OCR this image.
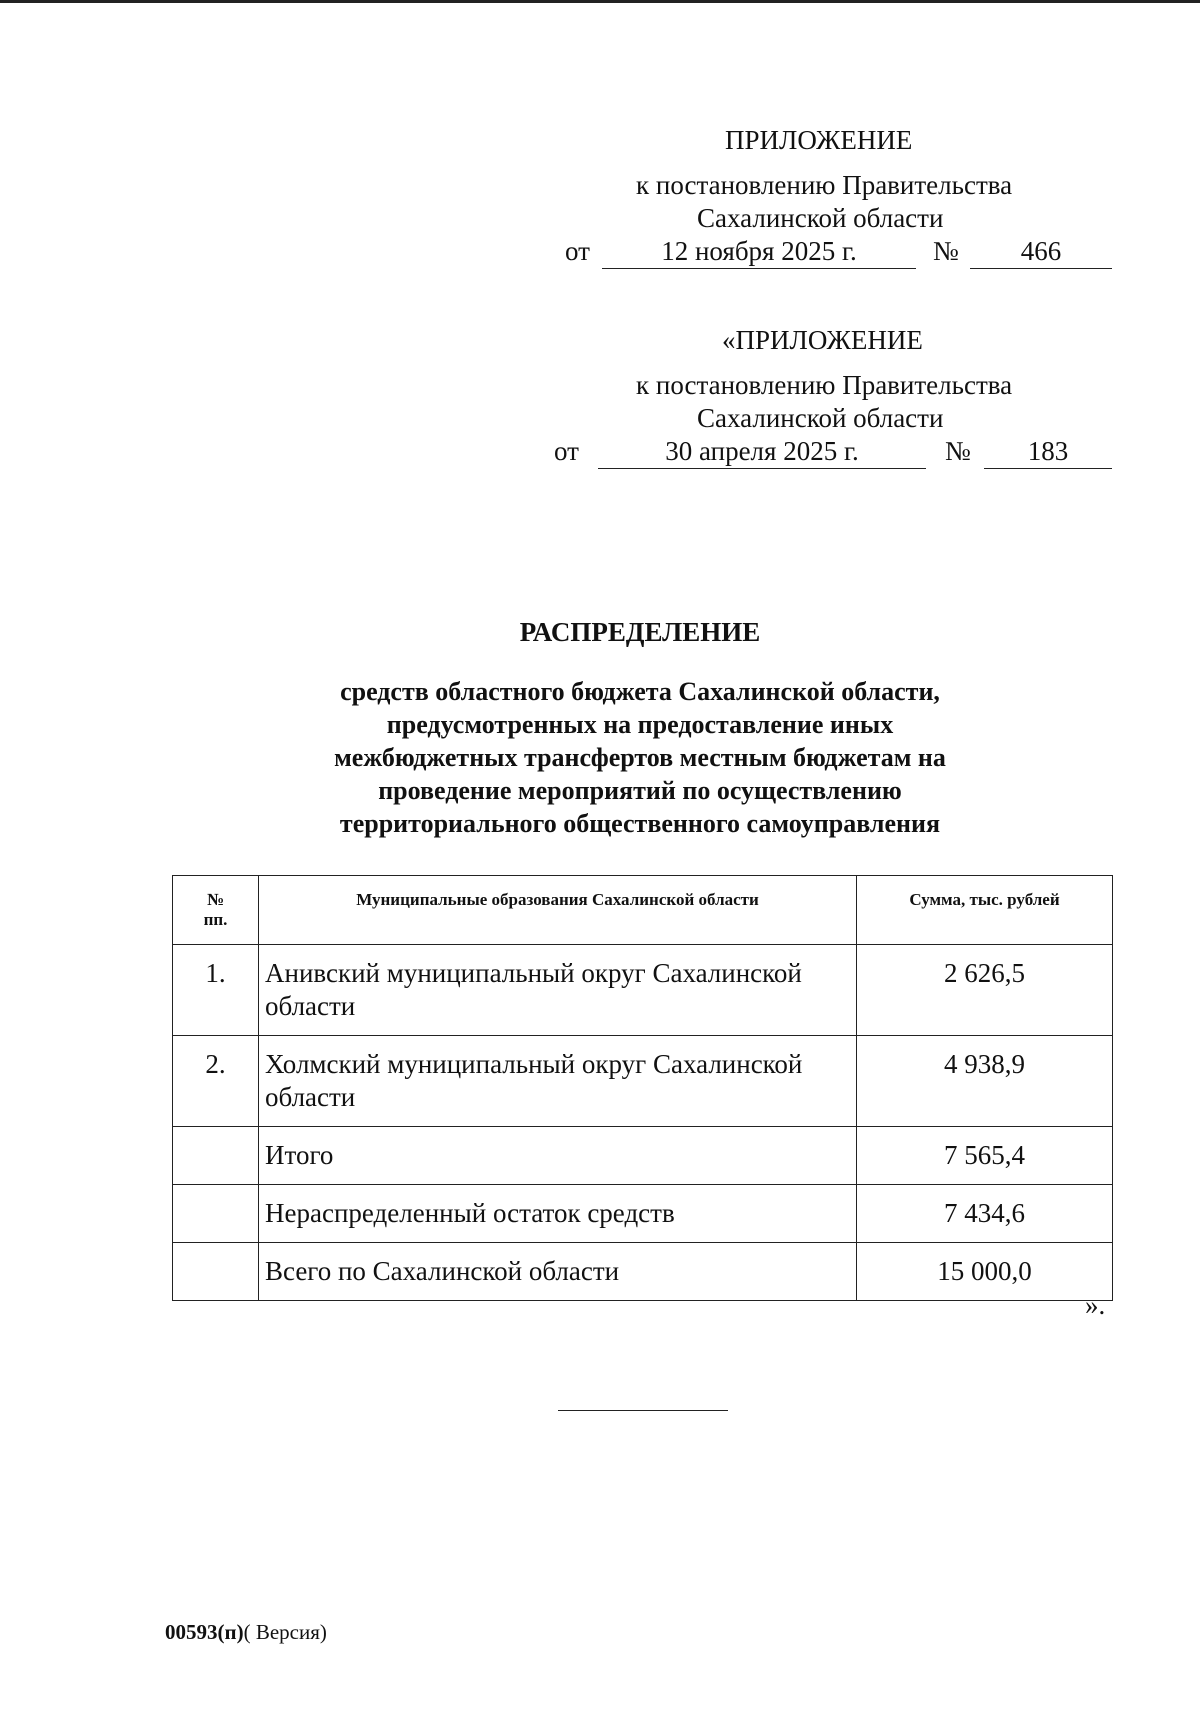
ПРИЛОЖЕНИЕ
к постановлению Правительства
Сахалинской области
от	12 ноября 2025 г.	№	466
«ПРИЛОЖЕНИЕ
к постановлению Правительства
Сахалинской области
от	30 апреля 2025 г.	№	183
РАСПРЕДЕЛЕНИЕ
средств областного бюджета Сахалинской области,
предусмотренных на предоставление иных
межбюджетных трансфертов местным бюджетам на
проведение мероприятий по осуществлению
территориального общественного самоуправления
№
пп.	Муниципальные образования Сахалинской области	Сумма, тыс. рублей
1.	Анивский муниципальный округ Сахалинской области	2 626,5
2.	Холмский муниципальный округ Сахалинской области	4 938,9
	Итого	7 565,4
	Нераспределенный остаток средств	7 434,6
	Всего по Сахалинской области	15 000,0
».
00593(п)( Версия)
